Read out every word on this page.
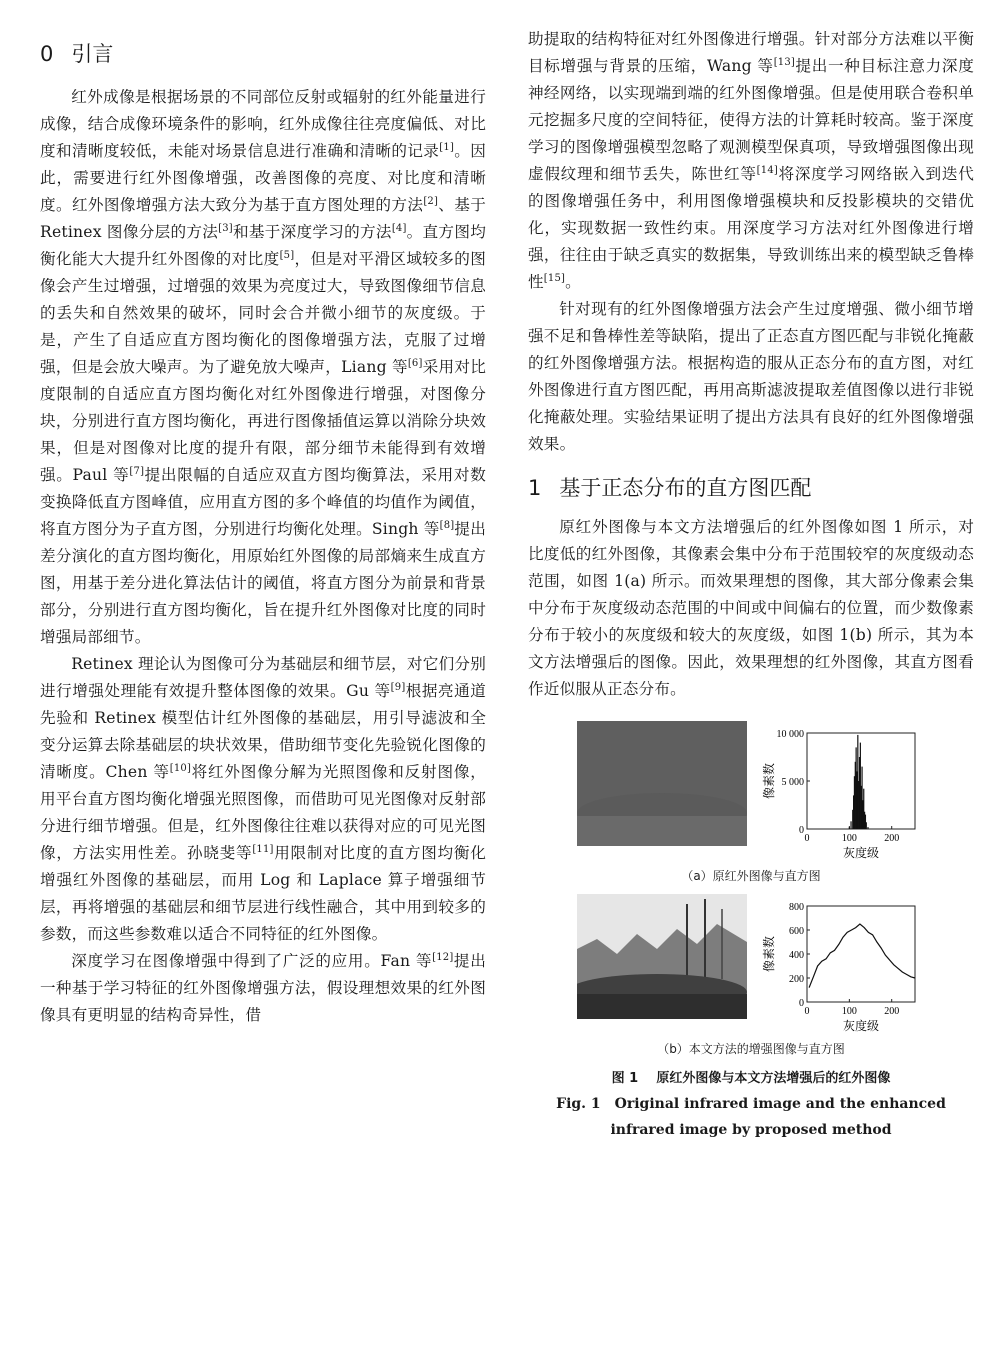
0 引言

红外成像是根据场景的不同部位反射或辐射的红外能量进行成像，结合成像环境条件的影响，红外成像往往亮度偏低、对比度和清晰度较低，未能对场景信息进行准确和清晰的记录[1]。因此，需要进行红外图像增强，改善图像的亮度、对比度和清晰度。红外图像增强方法大致分为基于直方图处理的方法[2]、基于 Retinex 图像分层的方法[3]和基于深度学习的方法[4]。直方图均衡化能大大提升红外图像的对比度[5]，但是对平滑区域较多的图像会产生过增强，过增强的效果为亮度过大，导致图像细节信息的丢失和自然效果的破坏，同时会合并微小细节的灰度级。于是，产生了自适应直方图均衡化的图像增强方法，克服了过增强，但是会放大噪声。为了避免放大噪声，Liang 等[6]采用对比度限制的自适应直方图均衡化对红外图像进行增强，对图像分块，分别进行直方图均衡化，再进行图像插值运算以消除分块效果，但是对图像对比度的提升有限，部分细节未能得到有效增强。Paul 等[7]提出限幅的自适应双直方图均衡算法，采用对数变换降低直方图峰值，应用直方图的多个峰值的均值作为阈值，将直方图分为子直方图，分别进行均衡化处理。Singh 等[8]提出差分演化的直方图均衡化，用原始红外图像的局部熵来生成直方图，用基于差分进化算法估计的阈值，将直方图分为前景和背景部分，分别进行直方图均衡化，旨在提升红外图像对比度的同时增强局部细节。

Retinex 理论认为图像可分为基础层和细节层，对它们分别进行增强处理能有效提升整体图像的效果。Gu 等[9]根据亮通道先验和 Retinex 模型估计红外图像的基础层，用引导滤波和全变分运算去除基础层的块状效果，借助细节变化先验锐化图像的清晰度。Chen 等[10]将红外图像分解为光照图像和反射图像，用平台直方图均衡化增强光照图像，而借助可见光图像对反射部分进行细节增强。但是，红外图像往往难以获得对应的可见光图像，方法实用性差。孙晓斐等[11]用限制对比度的直方图均衡化增强红外图像的基础层，而用 Log 和 Laplace 算子增强细节层，再将增强的基础层和细节层进行线性融合，其中用到较多的参数，而这些参数难以适合不同特征的红外图像。

深度学习在图像增强中得到了广泛的应用。Fan 等[12]提出一种基于学习特征的红外图像增强方法，假设理想效果的红外图像具有更明显的结构奇异性，借

助提取的结构特征对红外图像进行增强。针对部分方法难以平衡目标增强与背景的压缩，Wang 等[13]提出一种目标注意力深度神经网络，以实现端到端的红外图像增强。但是使用联合卷积单元挖掘多尺度的空间特征，使得方法的计算耗时较高。鉴于深度学习的图像增强模型忽略了观测模型保真项，导致增强图像出现虚假纹理和细节丢失，陈世红等[14]将深度学习网络嵌入到迭代的图像增强任务中，利用图像增强模块和反投影模块的交错优化，实现数据一致性约束。用深度学习方法对红外图像进行增强，往往由于缺乏真实的数据集，导致训练出来的模型缺乏鲁棒性[15]。

针对现有的红外图像增强方法会产生过度增强、微小细节增强不足和鲁棒性差等缺陷，提出了正态直方图匹配与非锐化掩蔽的红外图像增强方法。根据构造的服从正态分布的直方图，对红外图像进行直方图匹配，再用高斯滤波提取差值图像以进行非锐化掩蔽处理。实验结果证明了提出方法具有良好的红外图像增强效果。

1 基于正态分布的直方图匹配

原红外图像与本文方法增强后的红外图像如图 1 所示，对比度低的红外图像，其像素会集中分布于范围较窄的灰度级动态范围，如图 1(a) 所示。而效果理想的图像，其大部分像素会集中分布于灰度级动态范围的中间或中间偏右的位置，而少数像素分布于较小的灰度级和较大的灰度级，如图 1(b) 所示，其为本文方法增强后的图像。因此，效果理想的红外图像，其直方图看作近似服从正态分布。

0
5 000
10 000
0	100	200
像素数
灰度级
（a）原红外图像与直方图
0
200
400
600
800
0	100	200
像素数
灰度级
（b）本文方法的增强图像与直方图
图 1 原红外图像与本文方法增强后的红外图像
Fig. 1 Original infrared image and the enhanced
infrared image by proposed method
